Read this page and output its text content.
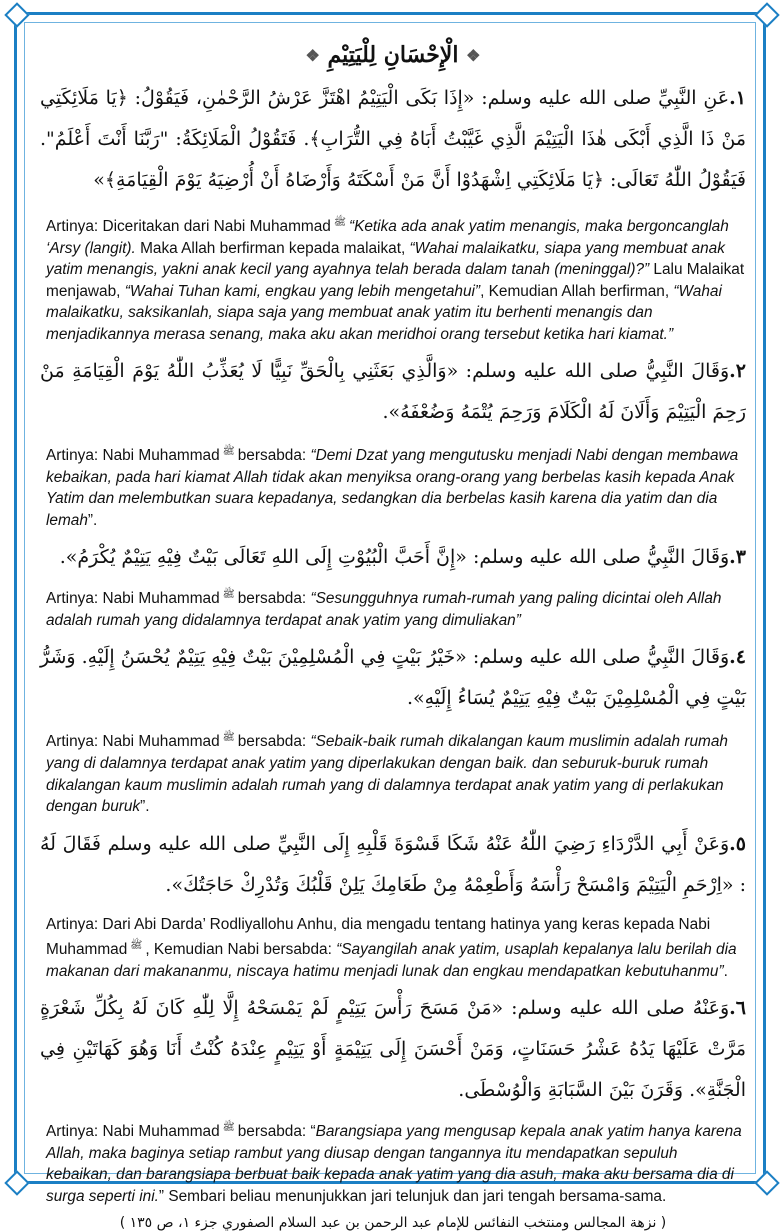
❖ الْإِحْسَانِ لِلْيَتِيْمِ ❖

١.عَنِ النَّبِيِّ صلى الله عليه وسلم: «إِذَا بَكَى الْيَتِيْمُ اهْتَزَّ عَرْشُ الرَّحْمٰنِ، فَيَقُوْلُ: ﴿يَا مَلَائِكَتِي مَنْ ذَا الَّذِي أَبْكَى هٰذَا الْيَتِيْمَ الَّذِي غَيَّبْتُ أَبَاهُ فِي التُّرَابِ﴾. فَتَقُوْلُ الْمَلَائِكَةُ: "رَبَّنَا أَنْتَ أَعْلَمُ". فَيَقُوْلُ اللّٰهُ تَعَالَى: ﴿يَا مَلَائِكَتِي اِشْهَدُوْا أَنَّ مَنْ أَسْكَتَهُ وَأَرْضَاهُ أَنْ أُرْضِيَهُ يَوْمَ الْقِيَامَةِ﴾»

Artinya: Diceritakan dari Nabi Muhammad $^ﷺ$ “Ketika ada anak yatim menangis, maka bergoncanglah ‘Arsy (langit). Maka Allah berfirman kepada malaikat, “Wahai malaikatku, siapa yang membuat anak yatim menangis, yakni anak kecil yang ayahnya telah berada dalam tanah (meninggal)?” Lalu Malaikat menjawab, “Wahai Tuhan kami, engkau yang lebih mengetahui”, Kemudian Allah berfirman, “Wahai malaikatku, saksikanlah, siapa saja yang membuat anak yatim itu berhenti menangis dan menjadikannya merasa senang, maka aku akan meridhoi orang tersebut ketika hari kiamat.”

٢.وَقَالَ النَّبِيُّ صلى الله عليه وسلم: «وَالَّذِي بَعَثَنِي بِالْحَقِّ نَبِيًّا لَا يُعَذِّبُ اللّٰهُ يَوْمَ الْقِيَامَةِ مَنْ رَحِمَ الْيَتِيْمَ وَأَلَانَ لَهُ الْكَلَامَ وَرَحِمَ يُتْمَهُ وَضُعْفَهُ».

Artinya: Nabi Muhammad $^ﷺ$ bersabda: “Demi Dzat yang mengutusku menjadi Nabi dengan membawa kebaikan, pada hari kiamat Allah tidak akan menyiksa orang-orang yang berbelas kasih kepada Anak Yatim dan melembutkan suara kepadanya, sedangkan dia berbelas kasih karena dia yatim dan dia lemah”.

٣.وَقَالَ النَّبِيُّ صلى الله عليه وسلم: «إِنَّ أَحَبَّ الْبُيُوْتِ إِلَى اللهِ تَعَالَى بَيْتٌ فِيْهِ يَتِيْمٌ يُكْرَمُ».

Artinya: Nabi Muhammad $^ﷺ$ bersabda: “Sesungguhnya rumah-rumah yang paling dicintai oleh Allah adalah rumah yang didalamnya terdapat anak yatim yang dimuliakan”

٤.وَقَالَ النَّبِيُّ صلى الله عليه وسلم: «خَيْرُ بَيْتٍ فِي الْمُسْلِمِيْنَ بَيْتٌ فِيْهِ يَتِيْمٌ يُحْسَنُ إِلَيْهِ. وَشَرُّ بَيْتٍ فِي الْمُسْلِمِيْنَ بَيْتٌ فِيْهِ يَتِيْمٌ يُسَاءُ إِلَيْهِ».

Artinya: Nabi Muhammad $^ﷺ$ bersabda: “Sebaik-baik rumah dikalangan kaum muslimin adalah rumah yang di dalamnya terdapat anak yatim yang diperlakukan dengan baik. dan seburuk-buruk rumah dikalangan kaum muslimin adalah rumah yang di dalamnya terdapat anak yatim yang di perlakukan dengan buruk”.

٥.وَعَنْ أَبِي الدَّرْدَاءِ رَضِيَ اللّٰهُ عَنْهُ شَكَا قَسْوَةَ قَلْبِهِ إِلَى النَّبِيِّ صلى الله عليه وسلم فَقَالَ لَهُ : «اِرْحَمِ الْيَتِيْمَ وَامْسَحْ رَأْسَهُ وَأَطْعِمْهُ مِنْ طَعَامِكَ يَلِنْ قَلْبُكَ وَتُدْرِكْ حَاجَتُكَ».

Artinya: Dari Abi Darda’ Rodliyallohu Anhu, dia mengadu tentang hatinya yang keras kepada Nabi Muhammad $^ﷺ$ , Kemudian Nabi bersabda: “Sayangilah anak yatim, usaplah kepalanya lalu berilah dia makanan dari makananmu, niscaya hatimu menjadi lunak dan engkau mendapatkan kebutuhanmu”.

٦.وَعَنْهُ صلى الله عليه وسلم: «مَنْ مَسَحَ رَأْسَ يَتِيْمٍ لَمْ يَمْسَحْهُ إِلَّا لِلّٰهِ كَانَ لَهُ بِكُلِّ شَعْرَةٍ مَرَّتْ عَلَيْهَا يَدُهُ عَشْرُ حَسَنَاتٍ، وَمَنْ أَحْسَنَ إِلَى يَتِيْمَةٍ أَوْ يَتِيْمٍ عِنْدَهُ كُنْتُ أَنَا وَهُوَ كَهَاتَيْنِ فِي الْجَنَّةِ». وَقَرَنَ بَيْنَ السَّبَابَةِ وَالْوُسْطَى.

Artinya: Nabi Muhammad $^ﷺ$ bersabda: “Barangsiapa yang mengusap kepala anak yatim hanya karena Allah, maka baginya setiap rambut yang diusap dengan tangannya itu mendapatkan sepuluh kebaikan, dan barangsiapa berbuat baik kepada anak yatim yang dia asuh, maka aku bersama dia di surga seperti ini.” Sembari beliau menunjukkan jari telunjuk dan jari tengah bersama-sama.

( نزهة المجالس ومنتخب النفائس للإمام عبد الرحمن بن عبد السلام الصفوري جزء ١، ص ١٣٥ )
